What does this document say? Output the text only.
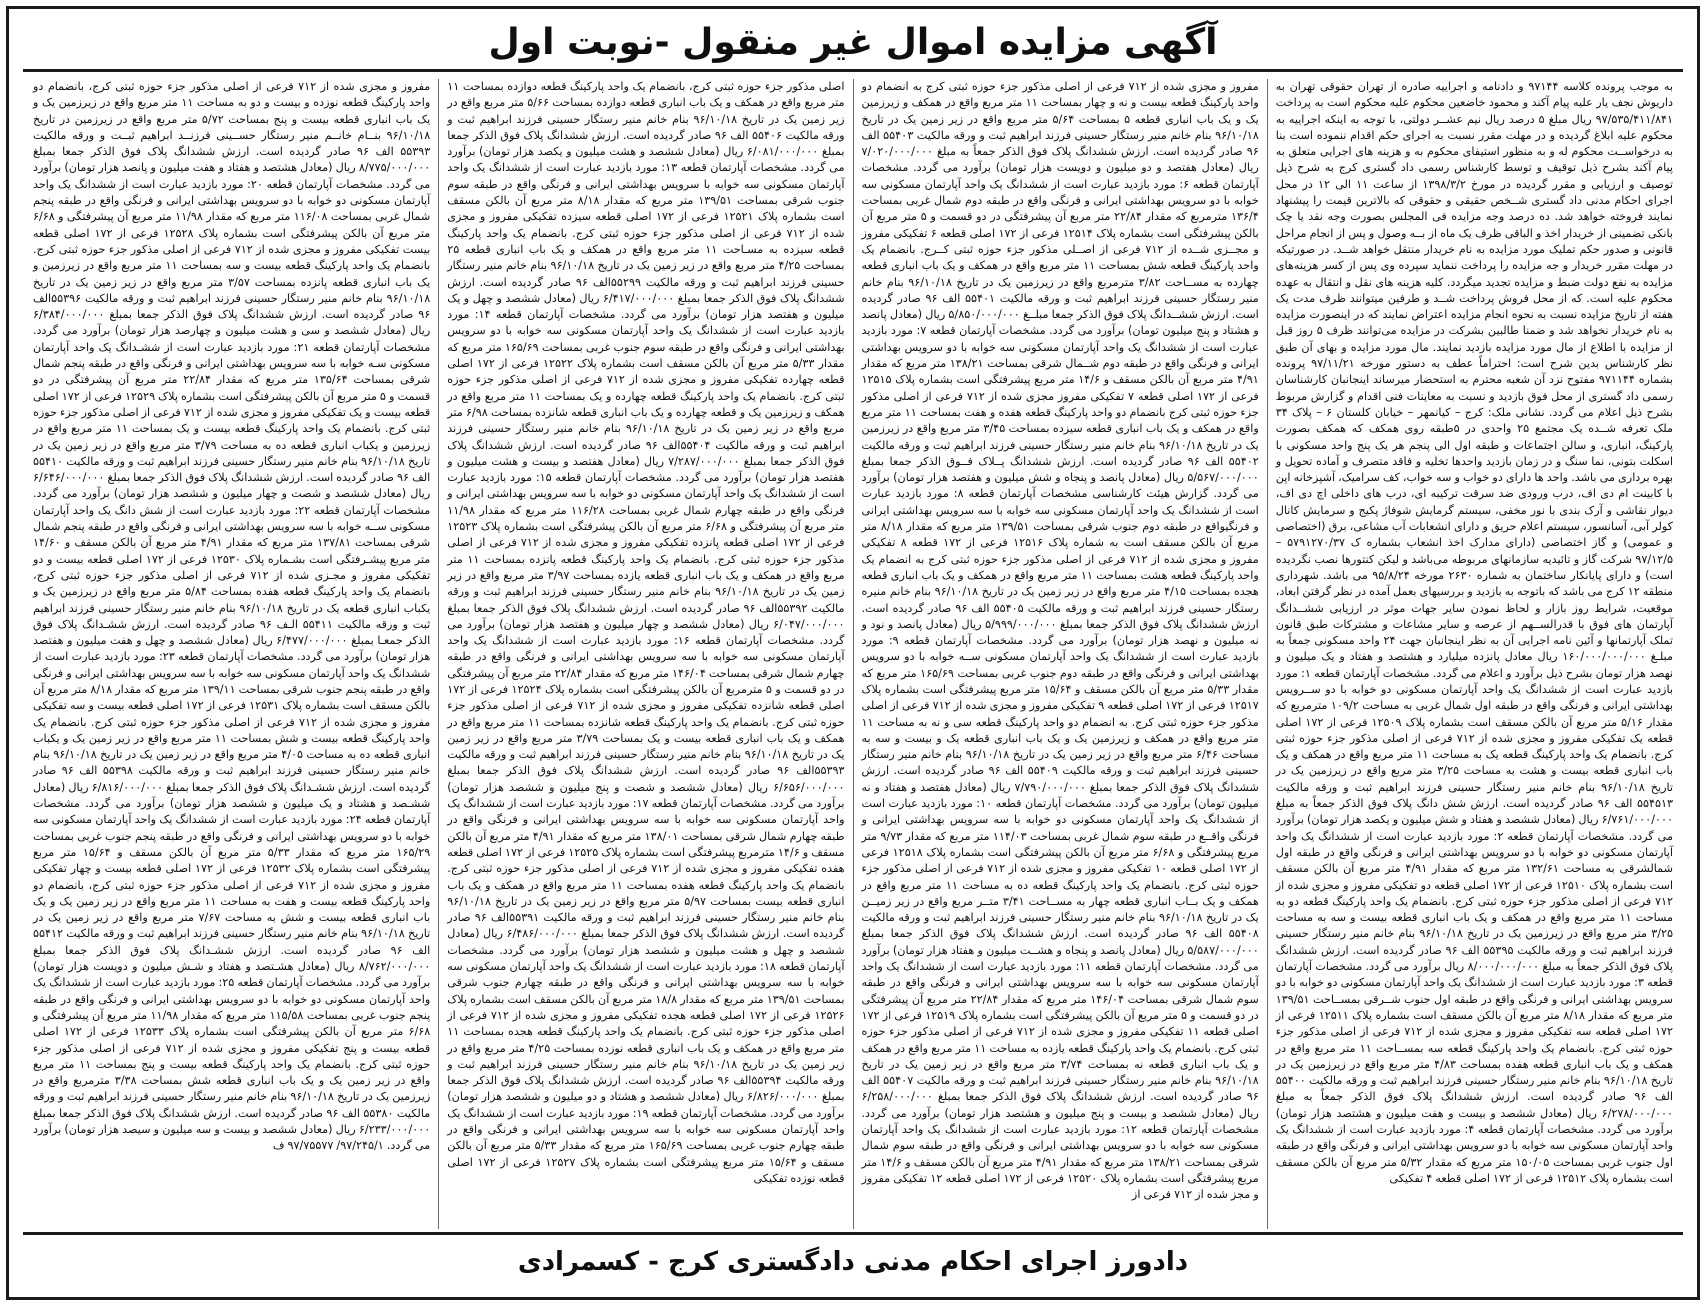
آگهی مزایده اموال غیر منقول -نوبت اول

به موجب پرونده کلاسه ۹۷۱۴۴ و دادنامه و اجراییه صادره از تهران حقوقی تهران به داریوش نجف یار علیه پیام آکند و محمود خاضعین محکوم علیه محکوم است به پرداخت ۹۷/۵۳۵/۴۱۱/۸۴۱ ریال مبلغ ۵ درصد ریال نیم عشــر دولتی، با توجه به اینکه اجراییه به محکوم علیه ابلاغ گردیده و در مهلت مقرر نسبت به اجرای حکم اقدام ننموده است بنا به درخواســت محکوم له و به منظور استیفای محکوم به و هزینه های اجرایی متعلق به پیام آکند بشرح ذیل توقیف و توسط کارشناس رسمی داد گستری کرج به شرح ذیل توصیف و ارزیابی و مقرر گردیده در مورخ ۱۳۹۸/۳/۲ از ساعت ۱۱ الی ۱۲ در محل اجرای احکام مدنی داد گستری شــخص حقیقی و حقوقی که بالاترین قیمت را پیشنهاد نمایند فروخته خواهد شد. ده درصد وجه مزایده فی المجلس بصورت وجه نقد یا چک بانکی تضمینی از خریدار اخذ و الباقی ظرف یک ماه از بــه وصول و پس از انجام مراحل قانونی و صدور حکم تملیک مورد مزایده به نام خریدار منتقل خواهد شــد. در صورتیکه در مهلت مقرر خریدار و جه مزایده را پرداخت ننماید سپرده وی پس از کسر هزینه‌های مزایده به نفع دولت ضبط و مزایده تجدید میگردد. کلیه هزینه های نقل و انتقال به عهده محکوم علیه است. که از محل فروش پرداخت شــد و طرفین میتوانند ظرف مدت یک هفته از تاریخ مزایده نسبت به نحوه انجام مزایده اعتراض نمایند که در اینصورت مزایده به نام خریدار نخواهد شد و ضمنا طالبین بشرکت در مزایده می‌توانند ظرف ۵ روز قبل از مزایده با اطلاع از مال مورد مزایده بازدید نمایند. مال مورد مزایده و بهای آن طبق نظر کارشناس بدین شرح است: احتراماً عطف به دستور مورخه ۹۷/۱۱/۲۱ پرونده بشماره ۹۷۱۱۴۴ مفتوح نزد آن شعبه محترم به استحضار میرساند اینجانبان کارشناسان رسمی داد گستری از محل فوق بازدید و نسبت به معاینات فنی اقدام و گزارش مربوط بشرح ذیل اعلام می گردد. نشانی ملک: کرج – کیانمهر – خیابان کلستان ۶ – پلاک ۳۴ ملک تعرفه شــده یک مجتمع ۲۵ واحدی در ۵طبقه روی همکف که همکف بصورت پارکینگ، انباری، و سالن اجتماعات و طبقه اول الی پنجم هر یک پنج واحد مسکونی با اسکلت بتونی، نما سنگ و در زمان بازدید واحدها تخلیه و فاقد متصرف و آماده تحویل و بهره برداری می باشد. واحد ها دارای دو خواب و سه خواب، کف سرامیک، آشپزخانه اپن با کابینت ام دی اف، درب ورودی ضد سرقت ترکیبه ای، درب های داخلی اچ دی اف، دیوار نقاشی و آرک بندی با نور مخفی، سیستم گرمایش شوفاژ پکیج و سرمایش کانال کولر آبی، آسانسور، سیستم اعلام حریق و دارای انشعابات آب مشاعی، برق (اختصاصی و عمومی) و گاز اختصاصی (دارای مدارک اخذ انشعاب بشماره ک ۵۷۹۱۲۷۰/۳۷ – ۹۷/۱۲/۵ شرکت گاز و تائیدیه سازمانهای مربوطه می‌باشد و لیکن کنتورها نصب نگردیده است) و دارای پایانکار ساختمان به شماره ۲۶۳۰ مورخه ۹۵/۸/۲۴ می باشد. شهرداری منطقه ۱۲ کرج می باشد که باتوجه به بازدید و بررسیهای بعمل آمده در نظر گرفتن ابعاد، موقعیت، شرایط روز بازار و لحاظ نمودن سایر جهات موثر در ارزیابی ششــدانگ آپارتمان های فوق با قدرالســهم از عرصه و سایر مشاعات و مشترکات طبق قانون تملک آپارتمانها و آئین نامه اجرایی آن به نظر اینجانبان جهت ۲۴ واحد مسکونی جمعاً به مبلـغ ۱۶۰/۰۰۰/۰۰۰/۰۰۰ ریال معادل پانزده میلیارد و هشتصد و هفتاد و یک میلیون و نهصد هزار تومان بشرح ذیل برآورد و اعلام می گردد. مشخصات آپارتمان قطعه ۱: مورد بازدید عبارت است از ششدانگ یک واحد آپارتمان مسکونی دو خوابه با دو ســرویس بهداشتی ایرانی و فرنگی واقع در طبقه اول شمال غربی به مساحت ۱۰۹/۲ مترمربع که مقدار ۵/۱۶ متر مربع آن بالکن مسقف است بشماره پلاک ۱۲۵۰۹ فرعی از ۱۷۲ اصلی قطعه یک تفکیکی مفروز و مجزی شده از ۷۱۲ فرعی از اصلی مذکور جزء حوزه ثبتی کرج. بانضمام یک واحد پارکینگ قطعه یک به مساحت ۱۱ متر مربع واقع در همکف و یک باب انباری قطعه بیست و هشت به مساحت ۳/۲۵ متر مربع واقع در زیرزمین یک در تاریخ ۹۶/۱۰/۱۸ بنام خانم منیر رستگار حسینی فرزند ابراهیم ثبت و ورقه مالکیت ۵۵۴۵۱۳ الف ۹۶ صادر گردیده است. ارزش شش دانگ پلاک فوق الذکر جمعاً به مبلغ ۶/۷۶۱/۰۰۰/۰۰۰ ریال (معادل ششصد و هفتاد و شش میلیون و یکصد هزار تومان) برآورد می گردد. مشخصات آپارتمان قطعه ۲: مورد بازدید عبارت است از ششدانگ یک واحد آپارتمان مسکونی دو خوابه با دو سرویس بهداشتی ایرانی و فرنگی واقع در طبقه اول شمالشرقی به مساحت ۱۳۲/۶۱ متر مربع که مقدار ۴/۹۱ متر مربع آن بالکن مسقف است بشماره پلاک ۱۲۵۱۰ فرعی از ۱۷۲ اصلی قطعه دو تفکیکی مفروز و مجزی شده از ۷۱۲ فرعی از اصلی مذکور جزء حوزه ثبتی کرج. بانضمام یک واحد پارکینگ قطعه دو به مساحت ۱۱ متر مربع واقع در همکف و یک باب انباری قطعه بیست و سه به مساحت ۳/۲۵ متر مربع واقع در زیرزمین یک در تاریخ ۹۶/۱۰/۱۸ بنام خانم منیر رستگار حسینی فرزند ابراهیم ثبت و ورقه مالکیت ۵۵۳۹۵ الف ۹۶ صادر گردیده است. ارزش ششدانگ پلاک فوق الذکر جمعاً به مبلغ ۸/۰۰۰/۰۰۰/۰۰۰ ریال برآورد می گردد. مشخصات آپارتمان قطعه ۳: مورد بازدید عبارت است از ششدانگ یک واحد آپارتمان مسکونی دو خوابه با دو سرویس بهداشتی ایرانی و فرنگی واقع در طبقه اول جنوب شــرقی بمســاحت ۱۳۹/۵۱ متر مربع که مقدار ۸/۱۸ متر مربع آن بالکن مسقف است بشماره پلاک ۱۲۵۱۱ فرعی از ۱۷۲ اصلی قطعه سه تفکیکی مفروز و مجزی شده از ۷۱۲ فرعی از اصلی مذکور جزء حوزه ثبتی کرج. بانضمام یک واحد پارکینگ قطعه سه بمســاحت ۱۱ متر مربع واقع در همکف و یک باب انباری قطعه هفده بمساحت ۴/۸۳ متر مربع واقع در زیرزمین یک در تاریخ ۹۶/۱۰/۱۸ بنام خانم منیر رستگار حسینی فرزند ابراهیم ثبت و ورقه مالکیت ۵۵۴۰۰ الف ۹۶ صادر گردیده است. ارزش ششدانگ پلاک فوق الذکر جمعاً به مبلغ ۶/۲۷۸/۰۰۰/۰۰۰ ریال (معادل ششصد و بیست و هفت میلیون و هشتصد هزار تومان) برآورد می گردد. مشخصات آپارتمان قطعه ۴: مورد بازدید عبارت است از ششدانگ یک واحد آپارتمان مسکونی سه خوابه با دو سرویس بهداشتی ایرانی و فرنگی واقع در طبقه اول جنوب غربی بمساحت ۱۵۰/۰۵ متر مربع که مقدار ۵/۳۲ متر مربع آن بالکن مسقف است بشماره پلاک ۱۲۵۱۲ فرعی از ۱۷۲ اصلی قطعه ۴ تفکیکی

مفروز و مجزی شده از ۷۱۲ فرعی از اصلی مذکور جزء حوزه ثبتی کرج به انضمام دو واحد پارکینگ قطعه بیست و نه و چهار بمساحت ۱۱ متر مربع واقع در همکف و زیرزمین یک و یک باب انباری قطعه ۵ بمساحت ۵/۶۴ متر مربع واقع در زیر زمین یک در تاریخ ۹۶/۱۰/۱۸ بنام خانم منیر رستگار حسینی فرزند ابراهیم ثبت و ورقه مالکیت ۵۵۴۰۳ الف ۹۶ صادر گردیده است. ارزش ششدانگ پلاک فوق الذکر جمعاً به مبلغ ۷/۰۲۰/۰۰۰/۰۰۰ ریال (معادل هفتصد و دو میلیون و دویست هزار تومان) برآورد می گردد. مشخصات آپارتمان قطعه ۶: مورد بازدید عبارت است از ششدانگ یک واحد آپارتمان مسکونی سه خوابه با دو سرویس بهداشتی ایرانی و فرنگی واقع در طبقه دوم شمال غربی بمساحت ۱۳۶/۴ مترمربع که مقدار ۲۲/۸۴ متر مربع آن پیشرفتگی در دو قسمت و ۵ متر مربع آن بالکن پیشرفتگی است بشماره پلاک ۱۲۵۱۴ فرعی از ۱۷۲ اصلی قطعه ۶ تفکیکی مفروز و مجــزی شــده از ۷۱۲ فرعی از اصــلی مذکور جزء حوزه ثبتی کــرج. بانضمام یک واحد پارکینگ قطعه شش بمساحت ۱۱ متر مربع واقع در همکف و یک باب انباری قطعه چهارده به مســاحت ۳/۸۲ مترمربع واقع در زیرزمین یک در تاریخ ۹۶/۱۰/۱۸ بنام خانم منیر رستگار حسینی فرزند ابراهیم ثبت و ورقه مالکیت ۵۵۴۰۱ الف ۹۶ صادر گردیده است. ارزش ششــدانگ پلاک فوق الذکر جمعا مبلــغ ۵/۸۵۰/۰۰۰/۰۰۰ ریال (معادل پانصد و هشتاد و پنج میلیون تومان) برآورد می گردد. مشخصات آپارتمان قطعه ۷: مورد بازدید عبارت است از ششدانگ یک واحد آپارتمان مسکونی سه خوابه با دو سرویس بهداشتی ایرانی و فرنگی واقع در طبقه دوم شــمال شرقی بمساحت ۱۳۸/۲۱ متر مربع که مقدار ۴/۹۱ متر مربع آن بالکن مسقف و ۱۴/۶ متر مربع پیشرفتگی است بشماره پلاک ۱۲۵۱۵ فرعی از ۱۷۲ اصلی قطعه ۷ تفکیکی مفروز مجزی شده از ۷۱۲ فرعی از اصلی مذکور جزء حوزه ثبتی کرج بانضمام دو واحد پارکینگ قطعه هفده و هفت بمساحت ۱۱ متر مربع واقع در همکف و یک باب انباری قطعه سیزده بمساحت ۳/۴۵ متر مربع واقع در زیرزمین یک در تاریخ ۹۶/۱۰/۱۸ بنام خانم منیر رستگار حسینی فرزند ابراهیم ثبت و ورقه مالکیت ۵۵۴۰۲ الف ۹۶ صادر گردیده است. ارزش ششدانگ پــلاک فــوق الذکر جمعا بمبلغ ۵/۵۶۷/۰۰۰/۰۰۰ ریال (معادل پانصد و پنجاه و شش میلیون و هفتصد هزار تومان) برآورد می گردد. گزارش هیئت کارشناسی مشخصات آپارتمان قطعه ۸: مورد بازدید عبارت است از ششدانگ یک واحد آپارتمان مسکونی سه خوابه با سه سرویس بهداشتی ایرانی و فرنگیواقع در طبقه دوم جنوب شرقی بمساحت ۱۳۹/۵۱ متر مربع که مقدار ۸/۱۸ متر مربع آن بالکن مسقف است به شماره پلاک ۱۲۵۱۶ فرعی از ۱۷۲ قطعه ۸ تفکیکی مفروز و مجزی شده از ۷۱۲ فرعی از اصلی مذکور جزء حوزه ثبتی کرج به انضمام یک واحد پارکینگ قطعه هشت بمساحت ۱۱ متر مربع واقع در همکف و یک باب انباری قطعه هجده بمساحت ۴/۱۵ متر مربع واقع در زیر زمین یک در تاریخ ۹۶/۱۰/۱۸ بنام خانم منیره رستگار حسینی فرزند ابراهیم ثبت و ورقه مالکیت ۵۵۴۰۵ الف ۹۶ صادر گردیده است. ارزش ششدانگ پلاک فوق الذکر جمعا بمبلغ ۵/۹۹۹/۰۰۰/۰۰۰ ریال (معادل پانصد و نود و نه میلیون و نهصد هزار تومان) برآورد می گردد. مشخصات آپارتمان قطعه ۹: مورد بازدید عبارت است از ششدانگ یک واحد آپارتمان مسکونی ســه خوابه با دو سرویس بهداشتی ایرانی و فرنگی واقع در طبقه دوم جنوب غربی بمساحت ۱۶۵/۶۹ متر مربع که مقدار ۵/۳۳ متر مربع آن بالکن مسقف و ۱۵/۶۴ متر مربع پیشرفتگی است بشماره پلاک ۱۲۵۱۷ فرعی از ۱۷۲ اصلی قطعه ۹ تفکیکی مفروز و مجزی شده از ۷۱۲ فرعی از اصلی مذکور جزء حوزه ثبتی کرج. به انضمام دو واحد پارکینگ قطعه سی و نه به مساحت ۱۱ متر مربع واقع در همکف و زیرزمین یک و یک باب انباری قطعه یک و بیست و سه به مساحت ۶/۴۶ متر مربع واقع در زیر زمین یک در تاریخ ۹۶/۱۰/۱۸ بنام خانم منیر رستگار حسینی فرزند ابراهیم ثبت و ورقه مالکیت ۵۵۴۰۹ الف ۹۶ صادر گردیده است. ارزش ششدانگ پلاک فوق الذکر جمعا بمبلغ ۷/۷۹۰/۰۰۰/۰۰۰ ریال (معادل هفتصد و هفتاد و نه میلیون تومان) برآورد می گردد. مشخصات آپارتمان قطعه ۱۰: مورد بازدید عبارت است از ششدانگ یک واحد آپارتمان مسکونی دو خوابه با سه سرویس بهداشتی ایرانی و فرنگی واقــع در طبقه سوم شمال غربی بمساحت ۱۱۴/۰۳ متر مربع که مقدار ۹/۷۳ متر مربع پیشرفتگی و ۶/۶۸ متر مربع آن بالکن پیشرفتگی است بشماره پلاک ۱۲۵۱۸ فرعی از ۱۷۲ اصلی قطعه ۱۰ تفکیکی مفروز و مجزی شده از ۷۱۲ فرعی از اصلی مذکور جزء حوزه ثبتی کرج. بانضمام یک واحد پارکینگ قطعه ده به مساحت ۱۱ متر مربع واقع در همکف و یک بــاب انباری قطعه چهار به مســاحت ۳/۴۱ متــر مربع واقع در زیر زمیــن یک در تاریخ ۹۶/۱۰/۱۸ بنام خانم منیر رستگار حسینی فرزند ابراهیم ثبت و ورقه مالکیت ۵۵۴۰۸ الف ۹۶ صادر گردیده است. ارزش ششدانگ پلاک فوق الذکر جمعا بمبلغ ۵/۵۸۷/۰۰۰/۰۰۰ ریال (معادل پانصد و پنجاه و هشــت میلیون و هفتاد هزار تومان) برآورد می گردد. مشخصات آپارتمان قطعه ۱۱: مورد بازدید عبارت است از ششدانگ یک واحد آپارتمان مسکونی سه خوابه با سه سرویس بهداشتی ایرانی و فرنگی واقع در طبقه سوم شمال شرقی بمساحت ۱۴۶/۰۴ متر مربع که مقدار ۲۲/۸۴ متر مربع آن پیشرفتگی در دو قسمت و ۵ متر مربع آن بالکن پیشرفتگی است بشماره پلاک ۱۲۵۱۹ فرعی از ۱۷۲ اصلی قطعه ۱۱ تفکیکی مفروز و مجزی شده از ۷۱۲ فرعی از اصلی مذکور جزء حوزه ثبتی کرج. بانضمام یک واحد پارکینگ قطعه یازده به مساحت ۱۱ متر مربع واقع در همکف و یک باب انباری قطعه نه بمساحت ۳/۷۴ متر مربع واقع در زیر زمین یک در تاریخ ۹۶/۱۰/۱۸ بنام خانم منیر رستگار حسینی فرزند ابراهیم ثبت و ورقه مالکیت ۵۵۴۰۷ الف ۹۶ صادر گردیده است. ارزش ششدانگ پلاک فوق الذکر جمعا بمبلغ ۶/۲۵۸/۰۰۰/۰۰۰ ریال (معادل ششصد و بیست و پنج میلیون و هشتصد هزار تومان) برآورد می گردد. مشخصات آپارتمان قطعه ۱۲: مورد بازدید عبارت است از ششدانگ یک واحد آپارتمان مسکونی سه خوابه با دو سرویس بهداشتی ایرانی و فرنگی واقع در طبقه سوم شمال شرقی بمساحت ۱۳۸/۲۱ متر مربع که مقدار ۴/۹۱ متر مربع آن بالکن مسقف و ۱۴/۶ متر مربع پیشرفتگی است بشماره پلاک ۱۲۵۲۰ فرعی از ۱۷۲ اصلی قطعه ۱۲ تفکیکی مفروز و مجز شده از ۷۱۲ فرعی از

اصلی مذکور جزء حوزه ثبتی کرج، بانضمام یک واحد پارکینگ قطعه دوازده بمساحت ۱۱ متر مربع واقع در همکف و یک باب انباری قطعه دوازده بمساحت ۵/۶۶ متر مربع واقع در زیر زمین یک در تاریخ ۹۶/۱۰/۱۸ بنام خانم منیر رستگار حسینی فرزند ابراهیم ثبت و ورقه مالکیت ۵۵۴۰۶ الف ۹۶ صادر گردیده است. ارزش ششدانگ پلاک فوق الذکر جمعا بمبلغ ۶/۰۸۱/۰۰۰/۰۰۰ ریال (معادل ششصد و هشت میلیون و یکصد هزار تومان) برآورد می گردد. مشخصات آپارتمان قطعه ۱۳: مورد بازدید عبارت است از ششدانگ یک واحد آپارتمان مسکونی سه خوابه با سرویس بهداشتی ایرانی و فرنگی واقع در طبقه سوم جنوب شرقی بمساحت ۱۳۹/۵۱ متر مربع که مقدار ۸/۱۸ متر مربع آن بالکن مسقف است بشماره پلاک ۱۲۵۲۱ فرعی از ۱۷۲ اصلی قطعه سیزده تفکیکی مفروز و مجزی شده از ۷۱۲ فرعی از اصلی مذکور جزء حوزه ثبتی کرج. بانضمام یک واحد پارکینگ قطعه سیزده به مسـاحت ۱۱ متر مربع واقع در همکف و یک باب انباری قطعه ۲۵ بمساحت ۴/۲۵ متر مربع واقع در زیر زمین یک در تاریخ ۹۶/۱۰/۱۸ بنام خانم منیر رستگار حسینی فرزند ابراهیم ثبت و ورقه مالکیت ۵۵۲۹۹الف ۹۶ صادر گردیده است. ارزش ششدانگ پلاک فوق الذکر جمعا بمبلغ ۶/۴۱۷/۰۰۰/۰۰۰ ریال (معادل ششصد و چهل و یک میلیون و هفتصد هزار تومان) برآورد می گردد. مشخصات آپارتمان قطعه ۱۴: مورد بازدید عبارت است از ششدانگ یک واحد آپارتمان مسکونی سه خوابه با دو سرویس بهداشتی ایرانی و فرنگی واقع در طبقه سوم جنوب غربی بمساحت ۱۶۵/۶۹ متر مربع که مقدار ۵/۳۳ متر مربع آن بالکن مسقف است بشماره پلاک ۱۲۵۲۲ فرعی از ۱۷۲ اصلی قطعه چهارده تفکیکی مفروز و مجزی شده از ۷۱۲ فرعی از اصلی مذکور جزء حوزه ثبتی کرج. بانضمام یک واحد پارکینگ قطعه چهارده و یک بمساحت ۱۱ متر مربع واقع در همکف و زیرزمین یک و قطعه چهارده و یک باب انباری قطعه شانزده بمساحت ۶/۹۸ متر مربع واقع در زیر زمین یک در تاریخ ۹۶/۱۰/۱۸ بنام خانم منیر رستگار حسینی فرزند ابراهیم ثبت و ورقه مالکیت ۵۵۴۰۴الف ۹۶ صادر گردیده است. ارزش ششدانگ پلاک فوق الذکر جمعا بمبلغ ۷/۲۸۷/۰۰۰/۰۰۰ ریال (معادل هفتصد و بیست و هشت میلیون و هفتصد هزار تومان) برآورد می گردد. مشخصات آپارتمان قطعه ۱۵: مورد بازدید عبارت است از ششدانگ یک واحد آپارتمان مسکونی دو خوابه با سه سرویس بهداشتی ایرانی و فرنگی واقع در طبقه چهارم شمال غربی بمساحت ۱۱۶/۲۸ متر مربع که مقدار ۱۱/۹۸ متر مربع آن پیشرفتگی و ۶/۶۸ متر مربع آن بالکن پیشرفتگی است بشماره پلاک ۱۲۵۲۳ فرعی از ۱۷۲ اصلی قطعه پانزده تفکیکی مفروز و مجزی شده از ۷۱۲ فرعی از اصلی مذکور جزء حوزه ثبتی کرج. بانضمام یک واحد پارکینگ قطعه پانزده بمساحت ۱۱ متر مربع واقع در همکف و یک باب انباری قطعه یازده بمساحت ۳/۹۷ متر مربع واقع در زیر زمین یک در تاریخ ۹۶/۱۰/۱۸ بنام خانم منیر رستگار حسینی فرزند ابراهیم ثبت و ورقه مالکیت ۵۵۳۹۲الف ۹۶ صادر گردیده است. ارزش ششدانگ پلاک فوق الذکر جمعا بمبلغ ۶/۰۴۷/۰۰۰/۰۰۰ ریال (معادل ششصد و چهار میلیون و هفتصد هزار تومان) برآورد می گردد. مشخصات آپارتمان قطعه ۱۶: مورد بازدید عبارت است از ششدانگ یک واحد آپارتمان مسکونی سه خوابه با سه سرویس بهداشتی ایرانی و فرنگی واقع در طبقه چهارم شمال شرقی بمساحت ۱۴۶/۰۴ متر مربع که مقدار ۲۲/۸۴ متر مربع آن پیشرفتگی در دو قسمت و ۵ مترمربع آن بالکن پیشرفتگی است بشماره پلاک ۱۲۵۲۴ فرعی از ۱۷۲ اصلی قطعه شانزده تفکیکی مفروز و مجزی شده از ۷۱۲ فرعی از اصلی مذکور جزء حوزه ثبتی کرج. بانضمام یک واحد پارکینگ قطعه شانزده بمساحت ۱۱ متر مربع واقع در همکف و یک باب انباری قطعه بیست و یک بمساحت ۳/۷۹ متر مربع واقع در زیر زمین یک در تاریخ ۹۶/۱۰/۱۸ بنام خانم منیر رستگار حسینی فرزند ابراهیم ثبت و ورقه مالکیت ۵۵۳۹۳الف ۹۶ صادر گردیده است. ارزش ششدانگ پلاک فوق الذکر جمعا بمبلغ ۶/۶۵۶/۰۰۰/۰۰۰ ریال (معادل ششصد و شصت و پنج میلیون و ششصد هزار تومان) برآورد می گردد. مشخصات آپارتمان قطعه ۱۷: مورد بازدید عبارت است از ششدانگ یک واحد آپارتمان مسکونی سه خوابه با سه سرویس بهداشتی ایرانی و فرنگی واقع در طبقه چهارم شمال شرقی بمساحت ۱۳۸/۰۱ متر مربع که مقدار ۴/۹۱ متر مربع آن بالکن مسقف و ۱۴/۶ مترمربع پیشرفتگی است بشماره پلاک ۱۲۵۲۵ فرعی از ۱۷۲ اصلی قطعه هفده تفکیکی مفروز و مجزی شده از ۷۱۲ فرعی از اصلی مذکور جزء حوزه ثبتی کرج. بانضمام یک واحد پارکینگ قطعه هفده بمساحت ۱۱ متر مربع واقع در همکف و یک باب انباری قطعه بیست بمساحت ۵/۹۷ متر مربع واقع در زیر زمین یک در تاریخ ۹۶/۱۰/۱۸ بنام خانم منیر رستگار حسینی فرزند ابراهیم ثبت و ورقه مالکیت ۵۵۳۹۱الف ۹۶ صادر گردیده است. ارزش ششدانگ پلاک فوق الذکر جمعا بمبلغ ۶/۴۸۶/۰۰۰/۰۰۰ ریال (معادل ششصد و چهل و هشت میلیون و ششصد هزار تومان) برآورد می گردد. مشخصات آپارتمان قطعه ۱۸: مورد بازدید عبارت است از ششدانگ یک واحد آپارتمان مسکونی سه خوابه با سه سرویس بهداشتی ایرانی و فرنگی واقع در طبقه چهارم جنوب شرقی بمساحت ۱۳۹/۵۱ متر مربع که مقدار ۱۸/۸ متر مربع آن بالکن مسقف است بشماره پلاک ۱۲۵۲۶ فرعی از ۱۷۲ اصلی قطعه هجده تفکیکی مفروز و مجزی شده از ۷۱۲ فرعی از اصلی مذکور جزء حوزه ثبتی کرج. بانضمام یک واحد پارکینگ قطعه هجده بمساحت ۱۱ متر مربع واقع در همکف و یک باب انباری قطعه نوزده بمساحت ۴/۲۵ متر مربع واقع در زیر زمین یک در تاریخ ۹۶/۱۰/۱۸ بنام خانم منیر رستگار حسینی فرزند ابراهیم ثبت و ورقه مالکیت ۵۵۳۹۴الف ۹۶ صادر گردیده است. ارزش ششدانگ پلاک فوق الذکر جمعا بمبلغ ۶/۸۲۶/۰۰۰/۰۰۰ ریال (معادل ششصد و هشتاد و دو میلیون و ششصد هزار تومان) برآورد می گردد. مشخصات آپارتمان قطعه ۱۹: مورد بازدید عبارت است از ششدانگ یک واحد آپارتمان مسکونی سه خوابه با سه سرویس بهداشتی ایرانی و فرنگی واقع در طبقه چهارم جنوب غربی بمساحت ۱۶۵/۶۹ متر مربع که مقدار ۵/۳۳ متر مربع آن بالکن مسقف و ۱۵/۶۴ متر مربع پیشرفتگی است بشماره پلاک ۱۲۵۲۷ فرعی از ۱۷۲ اصلی قطعه نوزده تفکیکی

مفروز و مجزی شده از ۷۱۲ فرعی از اصلی مذکور جزء حوزه ثبتی کرج، بانضمام دو واحد پارکینگ قطعه نوزده و بیست و دو به مساحت ۱۱ متر مربع واقع در زیرزمین یک و یک باب انباری قطعه بیست و پنج بمساحت ۵/۷۲ متر مربع واقع در زیرزمین در تاریخ ۹۶/۱۰/۱۸ بنــام خانــم منیر رستگار حســینی فرزنــد ابراهیم ثبــت و ورقه مالکیت ۵۵۳۹۳ الف ۹۶ صادر گردیده است. ارزش ششدانگ پلاک فوق الذکر جمعا بمبلغ ۸/۷۷۵/۰۰۰/۰۰۰ ریال (معادل هشتصد و هفتاد و هفت میلیون و پانصد هزار تومان) برآورد می گردد. مشخصات آپارتمان قطعه ۲۰: مورد بازدید عبارت است از ششدانگ یک واحد آپارتمان مسکونی دو خوابه با دو سرویس بهداشتی ایرانی و فرنگی واقع در طبقه پنجم شمال غربی بمساحت ۱۱۶/۰۸ متر مربع که مقدار ۱۱/۹۸ متر مربع آن پیشرفتگی و ۶/۶۸ متر مربع آن بالکن پیشرفتگی است بشماره پلاک ۱۲۵۲۸ فرعی از ۱۷۲ اصلی قطعه بیست تفکیکی مفروز و مجزی شده از ۷۱۲ فرعی از اصلی مذکور جزء حوزه ثبتی کرج. بانضمام یک واحد پارکینگ قطعه بیست و سه بمساحت ۱۱ متر مربع واقع در زیرزمین و یک باب انباری قطعه پانزده بمساحت ۳/۵۷ متر مربع واقع در زیر زمین یک در تاریخ ۹۶/۱۰/۱۸ بنام خانم منیر رستگار حسینی فرزند ابراهیم ثبت و ورقه مالکیت ۵۵۳۹۶الف ۹۶ صادر گردیده است. ارزش ششدانگ پلاک فوق الذکر جمعا بمبلغ ۶/۳۸۴/۰۰۰/۰۰۰ ریال (معادل ششصد و سی و هشت میلیون و چهارصد هزار تومان) برآورد می گردد. مشخصات آپارتمان قطعه ۲۱: مورد بازدید عبارت است از ششـدانگ یک واحد آپارتمان مسکونی سـه خوابه با سه سرویس بهداشتی ایرانی و فرنگی واقع در طبقه پنجم شمال شرقی بمساحت ۱۳۵/۶۴ متر مربع که مقدار ۲۲/۸۴ متر مربع آن پیشرفتگی در دو قسمت و ۵ متر مربع آن بالکن پیشرفتگی است بشماره پلاک ۱۲۵۲۹ فرعی از ۱۷۲ اصلی قطعه بیست و یک تفکیکی مفروز و مجزی شده از ۷۱۲ فرعی از اصلی مذکور جزء حوزه ثبتی کرج. بانضمام یک واحد پارکینگ قطعه بیست و یک بمساحت ۱۱ متر مربع واقع در زیرزمین و یکباب انباری قطعه ده به مساحت ۳/۷۹ متر مربع واقع در زیر زمین یک در تاریخ ۹۶/۱۰/۱۸ بنام خانم منیر رستگار حسینی فرزند ابراهیم ثبت و ورقه مالکیت ۵۵۴۱۰ الف ۹۶ صادر گردیده است. ارزش ششدانگ پلاک فوق الذکر جمعا بمبلغ ۶/۶۴۶/۰۰۰/۰۰۰ ریال (معادل ششصد و شصت و چهار میلیون و ششصد هزار تومان) برآورد می گردد. مشخصات آپارتمان قطعه ۲۲: مورد بازدید عبارت است از شش دانگ یک واحد آپارتمان مسکونی ســه خوابه با سه سرویس بهداشتی ایرانی و فرنگی واقع در طبقه پنجم شمال شرقی بمساحت ۱۳۷/۸۱ متر مربع که مقدار ۴/۹۱ متر مربع آن بالکن مسقف و ۱۴/۶۰ متر مربع پیشـرفتگی است بشـماره پلاک ۱۲۵۳۰ فرعی از ۱۷۲ اصلی قطعه بیست و دو تفکیکی مفروز و مجـزی شده از ۷۱۲ فرعی از اصلی مذکور جزء حوزه ثبتی کرج، بانضمام یک واحد پارکینگ قطعه هفده بمساحت ۵/۸۴ متر مربع واقع در زیرزمین یک و یکباب انباری قطعه یک در تاریخ ۹۶/۱۰/۱۸ بنام خانم منیر رستگار حسینی فرزند ابراهیم ثبت و ورقه مالکیت ۵۵۴۱۱ الـف ۹۶ صادر گردیده است. ارزش ششـدانگ پلاک فوق الذکر جمعـا بمبلغ ۶/۴۷۷/۰۰۰/۰۰۰ ریال (معادل ششصد و چهل و هفت میلیون و هفتصد هزار تومان) برآورد می گردد. مشخصات آپارتمان قطعه ۲۳: مورد بازدید عبارت است از ششدانگ یک واحد آپارتمان مسکونی سه خوابه با سه سرویس بهداشتی ایرانی و فرنگی واقع در طبقه پنجم جنوب شرقی بمساحت ۱۳۹/۱۱ متر مربع که مقدار ۸/۱۸ متر مربع آن بالکن مسقف است بشماره پلاک ۱۲۵۳۱ فرعی از ۱۷۲ اصلی قطعه بیست و سه تفکیکی مفروز و مجزی شده از ۷۱۲ فرعی از اصلی مذکور جزء حوزه ثبتی کرج. بانضمام یک واحد پارکینگ قطعه بیست و شش بمساحت ۱۱ متر مربع واقع در زیر زمین یک و یکباب انباری قطعه ده به مساحت ۴/۰۵ متر مربع واقع در زیر زمین یک در تاریخ ۹۶/۱۰/۱۸ بنام خانم منیر رستگار حسینی فرزند ابراهیم ثبت و ورقه مالکیت ۵۵۳۹۸ الف ۹۶ صادر گردیده است. ارزش ششـدانگ پلاک فوق الذکر جمعا بمبلغ ۶/۸۱۶/۰۰۰/۰۰۰ ریال (معادل ششـصد و هشتاد و یک میلیون و ششصد هزار تومان) برآورد می گردد. مشخصات آپارتمان قطعه ۲۴: مورد بازدید عبارت است از ششدانگ یک واحد آپارتمان مسکونی سه خوابه با دو سرویس بهداشتی ایرانی و فرنگی واقع در طبقه پنجم جنوب غربی بمساحت ۱۶۵/۲۹ متر مربع که مقدار ۵/۳۳ متر مربع آن بالکن مسقف و ۱۵/۶۴ متر مربع پیشرفتگی است بشماره پلاک ۱۲۵۳۲ فرعی از ۱۷۲ اصلی قطعه بیست و چهار تفکیکی مفروز و مجزی شده از ۷۱۲ فرعی از اصلی مذکور جزء حوزه ثبتی کرج، بانضمام دو واحد پارکینگ قطعه بیست و هفت به مساحت ۱۱ متر مربع واقع در زیر زمین یک و یک باب انباری قطعه بیست و شش به مساحت ۷/۶۷ متر مربع واقع در زیر زمین یک در تاریخ ۹۶/۱۰/۱۸ بنام خانم منیر رستگار حسینی فرزند ابراهیم ثبت و ورقه مالکیت ۵۵۴۱۲ الف ۹۶ صادر گردیده است. ارزش ششـدانگ پلاک فوق الذکر جمعا بمبلغ ۸/۷۶۲/۰۰۰/۰۰۰ ریال (معادل هشـتصد و هفتاد و شـش میلیون و دویست هزار تومان) برآورد می گردد. مشخصات آپارتمان قطعه ۲۵: مورد بازدید عبارت است از ششدانگ یک واحد آپارتمان مسکونی دو خوابه با دو سرویس بهداشتی ایرانی و فرنگی واقع در طبقه پنجم جنوب غربی بمساحت ۱۱۵/۵۸ متر مربع که مقدار ۱۱/۹۸ متر مربع آن پیشرفتگی و ۶/۶۸ متر مربع آن بالکن پیشرفتگی است بشماره پلاک ۱۲۵۳۳ فرعی از ۱۷۲ اصلی قطعه بیست و پنج تفکیکی مفروز و مجزی شده از ۷۱۲ فرعی از اصلی مذکور جزء حوزه ثبتی کرج. بانضمام یک واحد پارکینگ قطعه بیست و پنج بمساحت ۱۱ متر مربع واقع در زیر زمین یک و یک باب انباری قطعه شش بمساحت ۳/۳۸ مترمربع واقع در زیرزمین یک در تاریخ ۹۶/۱۰/۱۸ بنام خانم منیر رستگار حسینی فرزند ابراهیم ثبت و ورقه مالکیت ۵۵۳۸۰ الف ۹۶ صادر گردیده است. ارزش ششدانگ پلاک فوق الذکر جمعا بمبلغ ۶/۲۳۳/۰۰۰/۰۰۰ ریال (معادل ششصد و بیست و سه میلیون و سیصد هزار تومان) برآورد می گردد. ۹۷/۲۴۵/۱/ ۹۷/۷۵۵۷۷ ف

دادورز اجرای احکام مدنی دادگستری کرج - کسمرادی
